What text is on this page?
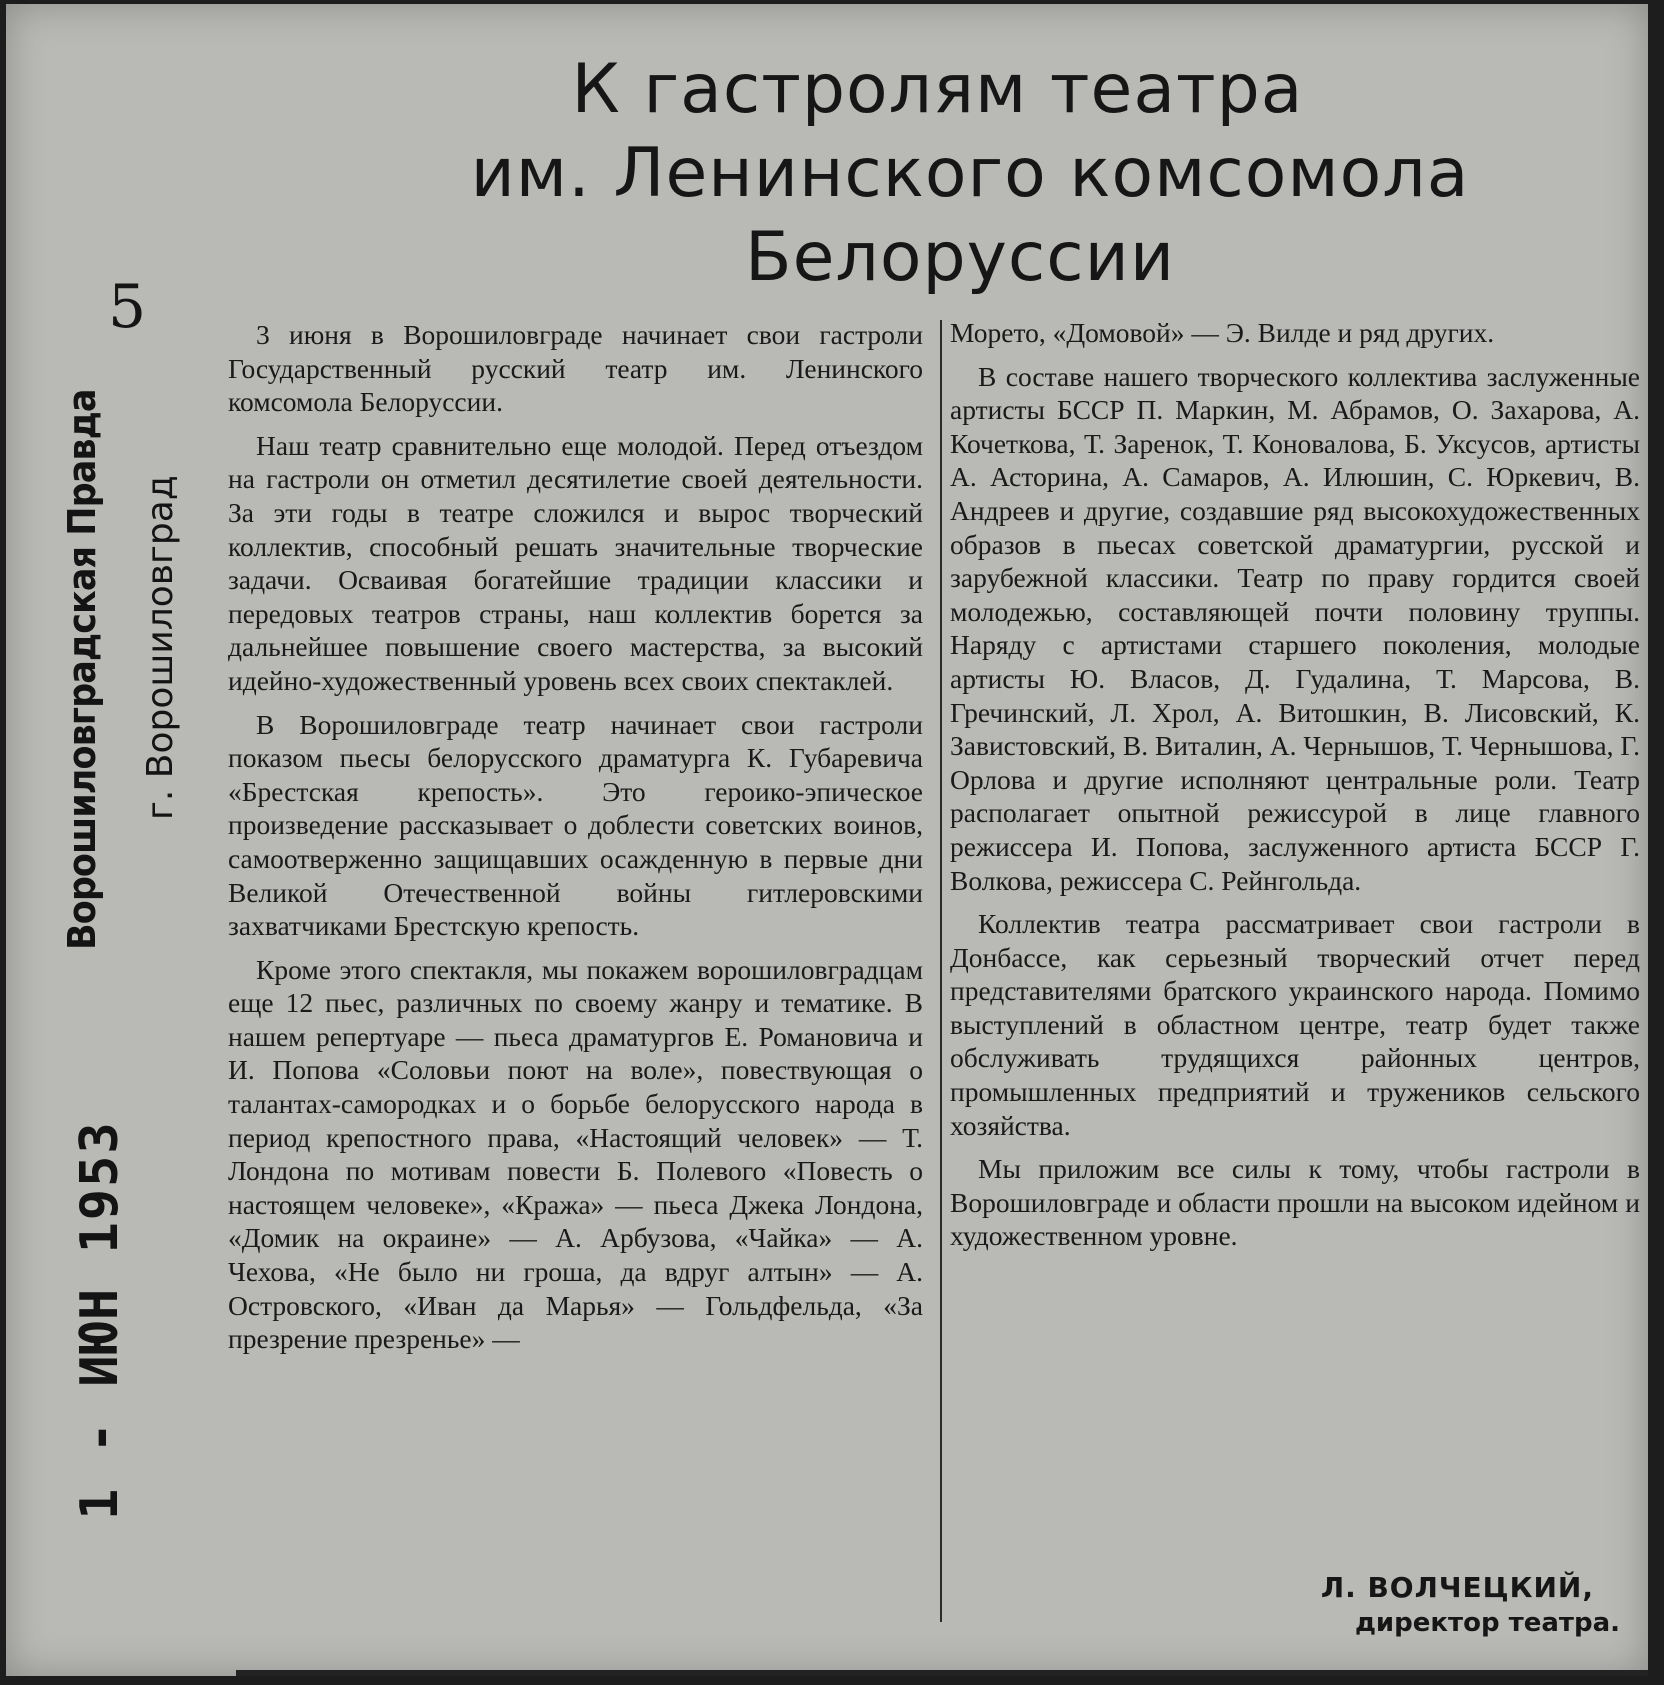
5
1 - ИЮН 1953
Ворошиловградская Правда г. Ворошиловград
К гастролям театра
им. Ленинского комсомола
Белоруссии

3 июня в Ворошиловграде начинает свои гастроли Государственный русский театр им. Ленинского комсомола Белоруссии.

Наш театр сравнительно еще молодой. Перед отъездом на гастроли он отметил десятилетие своей деятельности. За эти годы в театре сложился и вырос творческий коллектив, способный решать значительные творческие задачи. Осваивая богатейшие традиции классики и передовых театров страны, наш коллектив борется за дальнейшее повышение своего мастерства, за высокий идейно-художественный уровень всех своих спектаклей.

В Ворошиловграде театр начинает свои гастроли показом пьесы белорусского драматурга К. Губаревича «Брестская крепость». Это героико-эпическое произведение рассказывает о доблести советских воинов, самоотверженно защищавших осажденную в первые дни Великой Отечественной войны гитлеровскими захватчиками Брестскую крепость.

Кроме этого спектакля, мы покажем ворошиловградцам еще 12 пьес, различных по своему жанру и тематике. В нашем репертуаре — пьеса драматургов Е. Романовича и И. Попова «Соловьи поют на воле», повествующая о талантах-самородках и о борьбе белорусского народа в период крепостного права, «Настоящий человек» — Т. Лондона по мотивам повести Б. Полевого «Повесть о настоящем человеке», «Кража» — пьеса Джека Лондона, «Домик на окраине» — А. Арбузова, «Чайка» — А. Чехова, «Не было ни гроша, да вдруг алтын» — А. Островского, «Иван да Марья» — Гольдфельда, «За презрение презренье» —

Морето, «Домовой» — Э. Вилде и ряд других.

В составе нашего творческого коллектива заслуженные артисты БССР П. Маркин, М. Абрамов, О. Захарова, А. Кочеткова, Т. Заренок, Т. Коновалова, Б. Уксусов, артисты А. Асторина, А. Самаров, А. Илюшин, С. Юркевич, В. Андреев и другие, создавшие ряд высокохудожественных образов в пьесах советской драматургии, русской и зарубежной классики. Театр по праву гордится своей молодежью, составляющей почти половину труппы. Наряду с артистами старшего поколения, молодые артисты Ю. Власов, Д. Гудалина, Т. Марсова, В. Гречинский, Л. Хрол, А. Витошкин, В. Лисовский, К. Завистовский, В. Виталин, А. Чернышов, Т. Чернышова, Г. Орлова и другие исполняют центральные роли. Театр располагает опытной режиссурой в лице главного режиссера И. Попова, заслуженного артиста БССР Г. Волкова, режиссера С. Рейнгольда.

Коллектив театра рассматривает свои гастроли в Донбассе, как серьезный творческий отчет перед представителями братского украинского народа. Помимо выступлений в областном центре, театр будет также обслуживать трудящихся районных центров, промышленных предприятий и тружеников сельского хозяйства.

Мы приложим все силы к тому, чтобы гастроли в Ворошиловграде и области прошли на высоком идейном и художественном уровне.

Л. ВОЛЧЕЦКИЙ,
директор театра.
